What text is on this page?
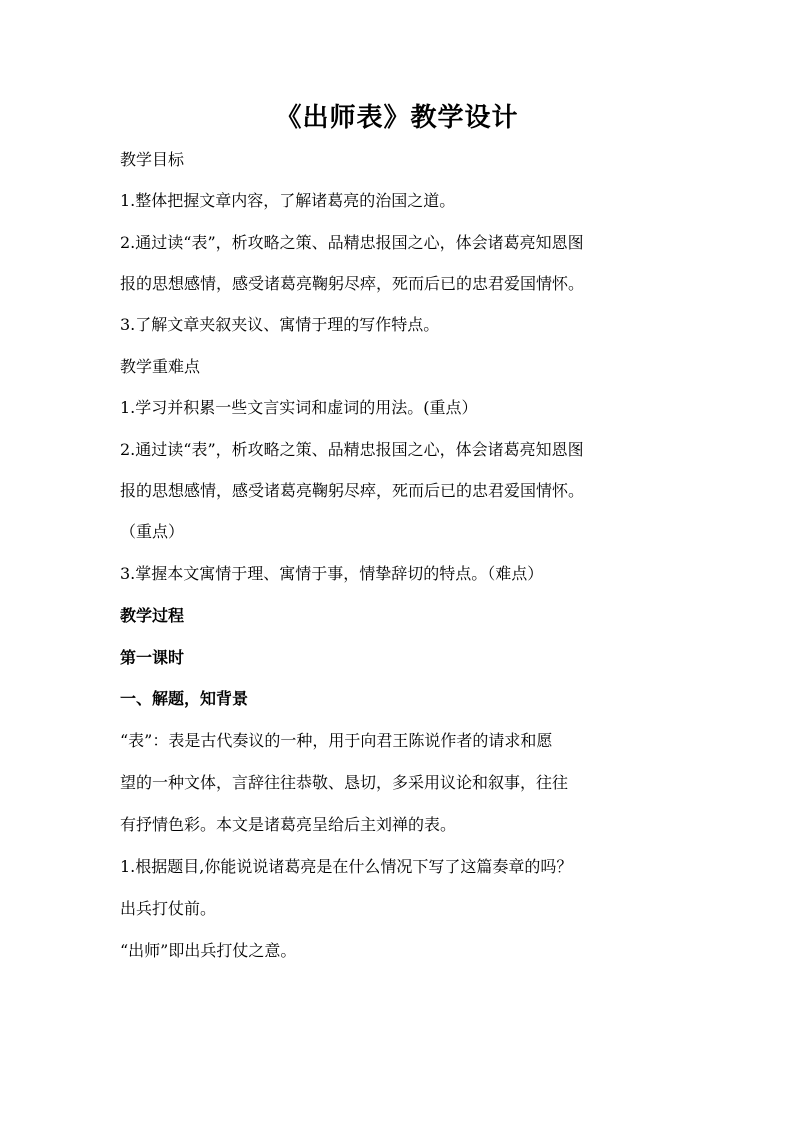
《出师表》教学设计
教学目标
1.整体把握文章内容，了解诸葛亮的治国之道。
2.通过读“表”，析攻略之策、品精忠报国之心，体会诸葛亮知恩图
报的思想感情，感受诸葛亮鞠躬尽瘁，死而后已的忠君爱国情怀。
3.了解文章夹叙夹议、寓情于理的写作特点。
教学重难点
1.学习并积累一些文言实词和虚词的用法。(重点）
2.通过读“表”，析攻略之策、品精忠报国之心，体会诸葛亮知恩图
报的思想感情，感受诸葛亮鞠躬尽瘁，死而后已的忠君爱国情怀。
（重点）
3.掌握本文寓情于理、寓情于事，情挚辞切的特点。（难点）
教学过程
第一课时
一、解题，知背景
“表”：表是古代奏议的一种，用于向君王陈说作者的请求和愿
望的一种文体，言辞往往恭敬、恳切，多采用议论和叙事，往往
有抒情色彩。本文是诸葛亮呈给后主刘禅的表。
1.根据题目,你能说说诸葛亮是在什么情况下写了这篇奏章的吗？
出兵打仗前。
“出师”即出兵打仗之意。
